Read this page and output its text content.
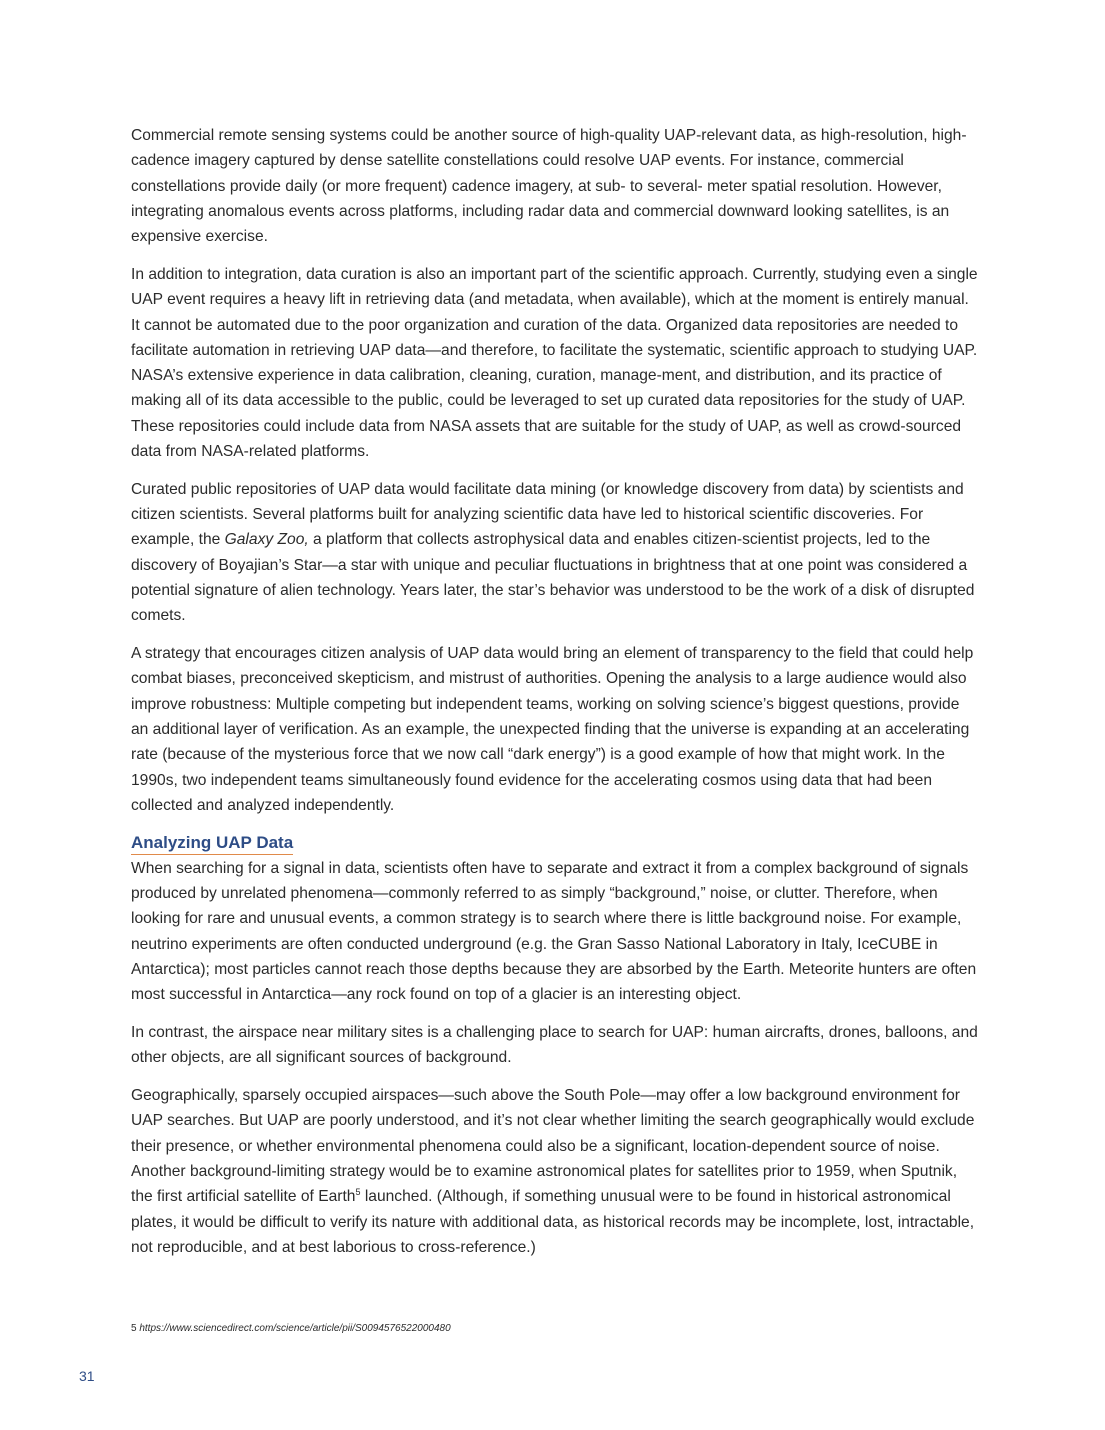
Commercial remote sensing systems could be another source of high-quality UAP-relevant data, as high-resolution, high-cadence imagery captured by dense satellite constellations could resolve UAP events. For instance, commercial constellations provide daily (or more frequent) cadence imagery, at sub- to several- meter spatial resolution. However, integrating anomalous events across platforms, including radar data and commercial downward looking satellites, is an expensive exercise.

In addition to integration, data curation is also an important part of the scientific approach. Currently, studying even a single UAP event requires a heavy lift in retrieving data (and metadata, when available), which at the moment is entirely manual. It cannot be automated due to the poor organization and curation of the data. Organized data repositories are needed to facilitate automation in retrieving UAP data—and therefore, to facilitate the systematic, scientific approach to studying UAP. NASA’s extensive experience in data calibration, cleaning, curation, manage-ment, and distribution, and its practice of making all of its data accessible to the public, could be leveraged to set up curated data repositories for the study of UAP. These repositories could include data from NASA assets that are suitable for the study of UAP, as well as crowd-sourced data from NASA-related platforms.

Curated public repositories of UAP data would facilitate data mining (or knowledge discovery from data) by scientists and citizen scientists. Several platforms built for analyzing scientific data have led to historical scientific discoveries. For example, the Galaxy Zoo, a platform that collects astrophysical data and enables citizen-scientist projects, led to the discovery of Boyajian’s Star—a star with unique and peculiar fluctuations in brightness that at one point was considered a potential signature of alien technology. Years later, the star’s behavior was understood to be the work of a disk of disrupted comets.

A strategy that encourages citizen analysis of UAP data would bring an element of transparency to the field that could help combat biases, preconceived skepticism, and mistrust of authorities. Opening the analysis to a large audience would also improve robustness: Multiple competing but independent teams, working on solving science’s biggest questions, provide an additional layer of verification. As an example, the unexpected finding that the universe is expanding at an accelerating rate (because of the mysterious force that we now call “dark energy”) is a good example of how that might work. In the 1990s, two independent teams simultaneously found evidence for the accelerating cosmos using data that had been collected and analyzed independently.

Analyzing UAP Data

When searching for a signal in data, scientists often have to separate and extract it from a complex background of signals produced by unrelated phenomena—commonly referred to as simply “background,” noise, or clutter. Therefore, when looking for rare and unusual events, a common strategy is to search where there is little background noise. For example, neutrino experiments are often conducted underground (e.g. the Gran Sasso National Laboratory in Italy, IceCUBE in Antarctica); most particles cannot reach those depths because they are absorbed by the Earth. Meteorite hunters are often most successful in Antarctica—any rock found on top of a glacier is an interesting object.

In contrast, the airspace near military sites is a challenging place to search for UAP: human aircrafts, drones, balloons, and other objects, are all significant sources of background.

Geographically, sparsely occupied airspaces—such above the South Pole—may offer a low background environment for UAP searches. But UAP are poorly understood, and it’s not clear whether limiting the search geographically would exclude their presence, or whether environmental phenomena could also be a significant, location-dependent source of noise. Another background-limiting strategy would be to examine astronomical plates for satellites prior to 1959, when Sputnik, the first artificial satellite of Earth$^5$ launched. (Although, if something unusual were to be found in historical astronomical plates, it would be difficult to verify its nature with additional data, as historical records may be incomplete, lost, intractable, not reproducible, and at best laborious to cross-reference.)

5 https://www.sciencedirect.com/science/article/pii/S0094576522000480
31
